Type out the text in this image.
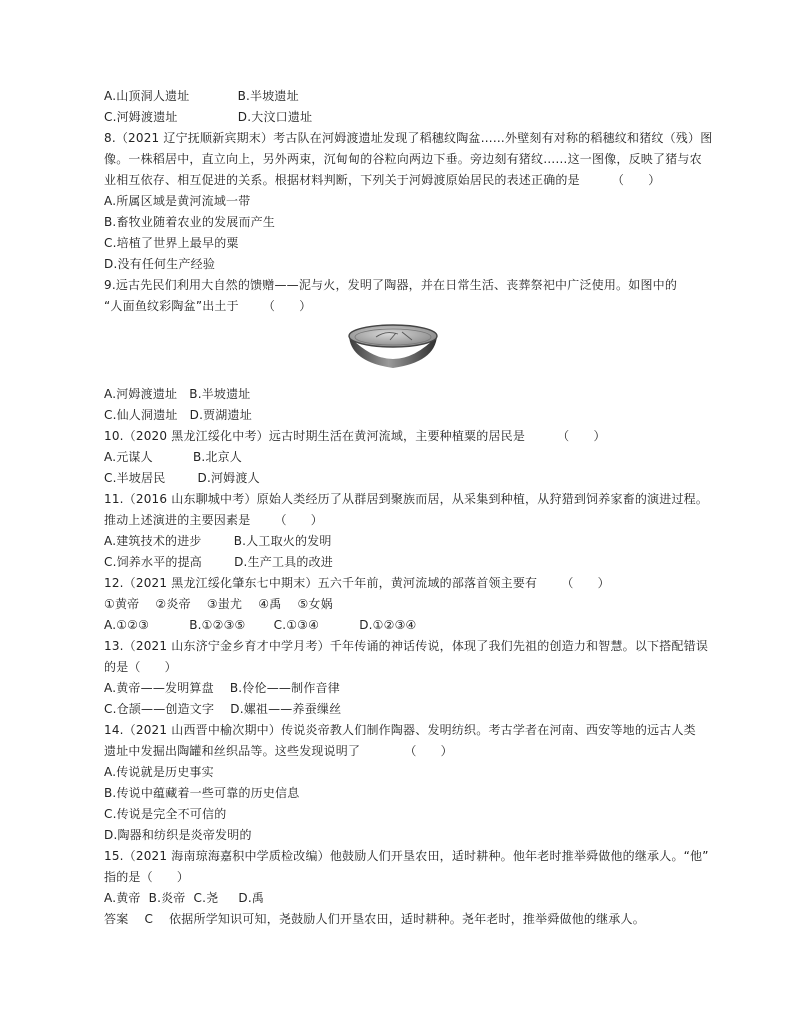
A.山顶洞人遗址            B.半坡遗址
C.河姆渡遗址               D.大汶口遗址
8.（2021 辽宁抚顺新宾期末）考古队在河姆渡遗址发现了稻穗纹陶盆……外壁刻有对称的稻穗纹和猪纹（残）图
像。一株稻居中，直立向上，另外两束，沉甸甸的谷粒向两边下垂。旁边刻有猪纹……这一图像，反映了猪与农
业相互依存、相互促进的关系。根据材料判断，下列关于河姆渡原始居民的表述正确的是        （      ）
A.所属区域是黄河流域一带
B.畜牧业随着农业的发展而产生
C.培植了世界上最早的粟
D.没有任何生产经验
9.远古先民们利用大自然的馈赠——泥与火，发明了陶器，并在日常生活、丧葬祭祀中广泛使用。如图中的
“人面鱼纹彩陶盆”出土于      （      ）
A.河姆渡遗址   B.半坡遗址
C.仙人洞遗址   D.贾湖遗址
10.（2020 黑龙江绥化中考）远古时期生活在黄河流域，主要种植粟的居民是        （      ）
A.元谋人          B.北京人
C.半坡居民        D.河姆渡人
11.（2016 山东聊城中考）原始人类经历了从群居到聚族而居，从采集到种植，从狩猎到饲养家畜的演进过程。
推动上述演进的主要因素是      （      ）
A.建筑技术的进步        B.人工取火的发明
C.饲养水平的提高        D.生产工具的改进
12.（2021 黑龙江绥化肇东七中期末）五六千年前，黄河流域的部落首领主要有      （      ）
①黄帝    ②炎帝    ③蚩尤    ④禹    ⑤女娲
A.①②③          B.①②③⑤       C.①③④          D.①②③④
13.（2021 山东济宁金乡育才中学月考）千年传诵的神话传说，体现了我们先祖的创造力和智慧。以下搭配错误
的是（      ）
A.黄帝——发明算盘    B.伶伦——制作音律
C.仓颉——创造文字    D.嫘祖——养蚕缫丝
14.（2021 山西晋中榆次期中）传说炎帝教人们制作陶器、发明纺织。考古学者在河南、西安等地的远古人类
遗址中发掘出陶罐和丝织品等。这些发现说明了           （      ）
A.传说就是历史事实
B.传说中蕴藏着一些可靠的历史信息
C.传说是完全不可信的
D.陶器和纺织是炎帝发明的
15.（2021 海南琼海嘉积中学质检改编）他鼓励人们开垦农田，适时耕种。他年老时推举舜做他的继承人。“他”
指的是（      ）
A.黄帝  B.炎帝  C.尧     D.禹
答案    C    依据所学知识可知，尧鼓励人们开垦农田，适时耕种。尧年老时，推举舜做他的继承人。
